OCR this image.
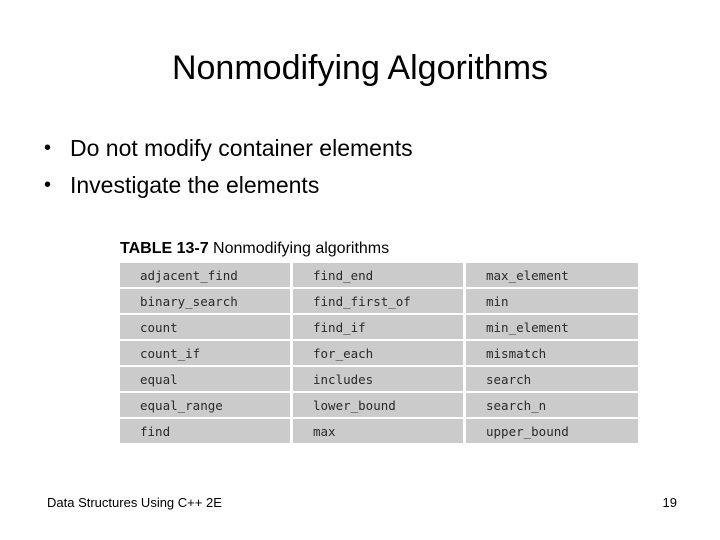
Nonmodifying Algorithms
• Do not modify container elements
• Investigate the elements
TABLE 13-7 Nonmodifying algorithms
adjacent_find	find_end	max_element
binary_search	find_first_of	min
count	find_if	min_element
count_if	for_each	mismatch
equal	includes	search
equal_range	lower_bound	search_n
find	max	upper_bound
Data Structures Using C++ 2E	19
